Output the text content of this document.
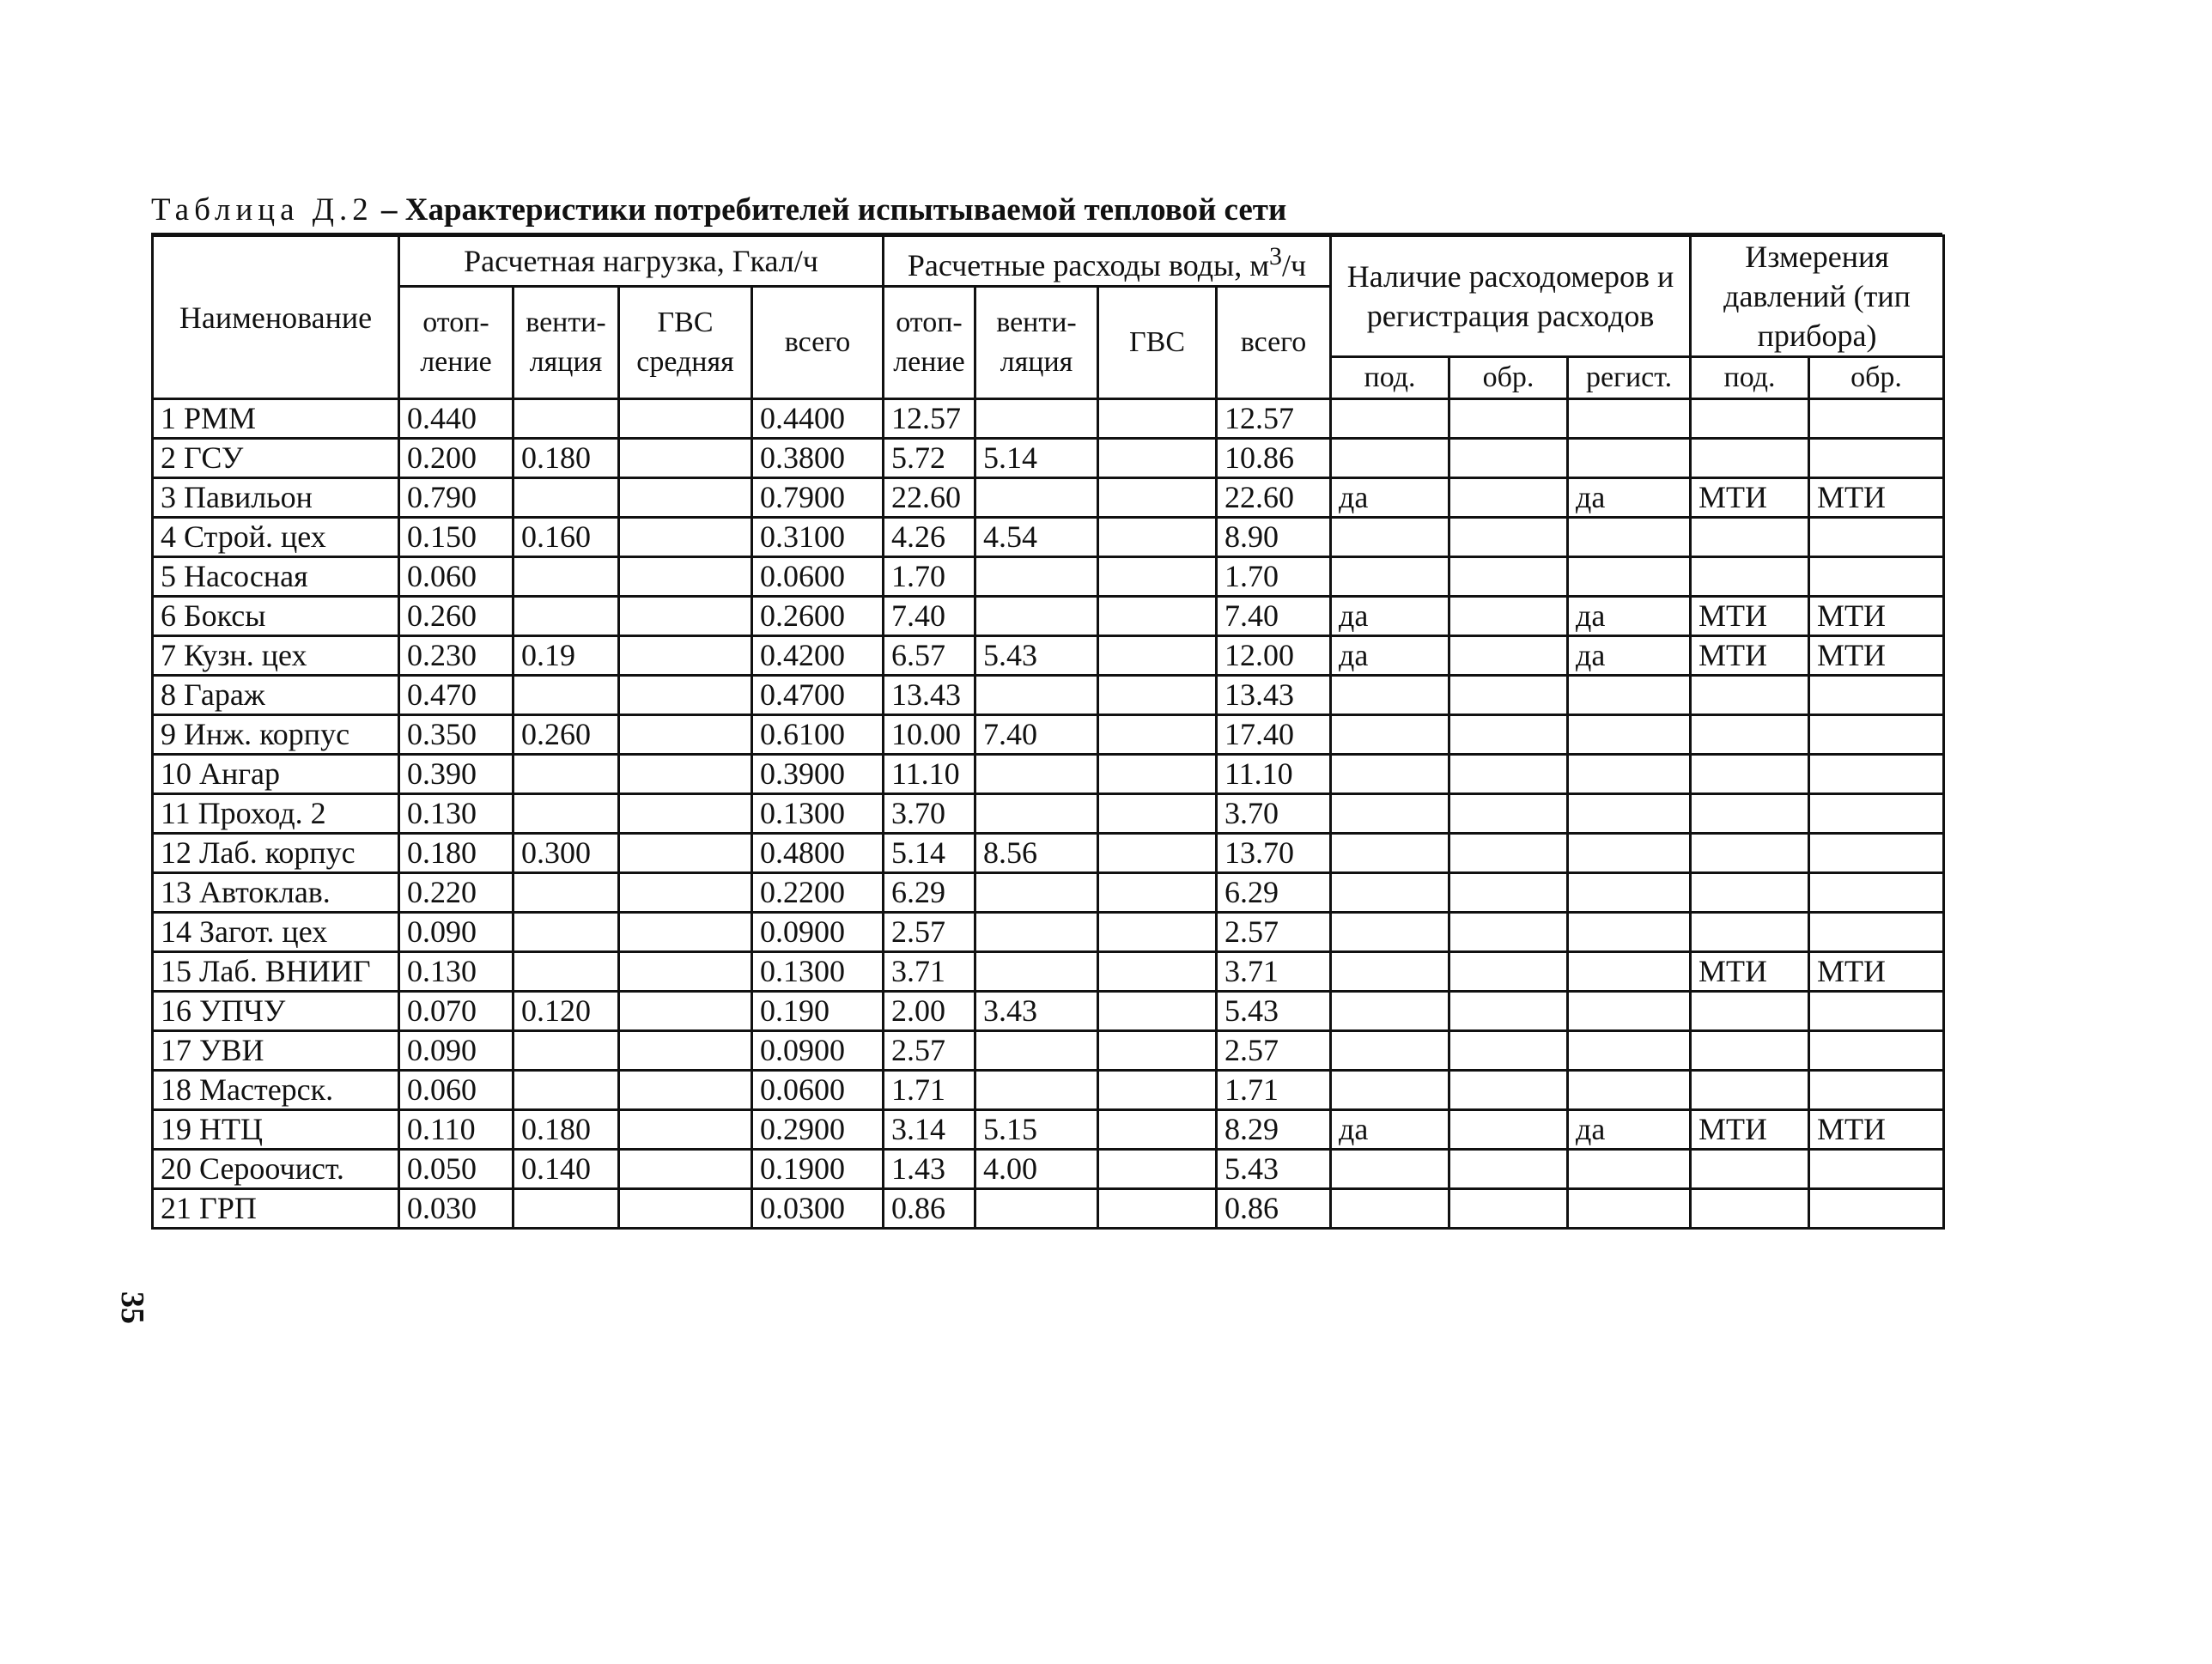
Таблица Д.2 – Характеристики потребителей испытываемой тепловой сети
Наименование	Расчетная нагрузка, Гкал/ч				Расчетные расходы воды, $м^3/ч$				Наличие расходомеров и регистрация расходов			Измерения давлений (тип прибора)	
	отоп-ление	венти-ляция	ГВС средняя	всего	отоп-ление	венти-ляция	ГВС	всего					
									под.	обр.	регист.	под.	обр.
1 РММ	0.440			0.4400	12.57			12.57					
2 ГСУ	0.200	0.180		0.3800	5.72	5.14		10.86					
3 Павильон	0.790			0.7900	22.60			22.60	да		да	МТИ	МТИ
4 Строй. цех	0.150	0.160		0.3100	4.26	4.54		8.90					
5 Насосная	0.060			0.0600	1.70			1.70					
6 Боксы	0.260			0.2600	7.40			7.40	да		да	МТИ	МТИ
7 Кузн. цех	0.230	0.19		0.4200	6.57	5.43		12.00	да		да	МТИ	МТИ
8 Гараж	0.470			0.4700	13.43			13.43					
9 Инж. корпус	0.350	0.260		0.6100	10.00	7.40		17.40					
10 Ангар	0.390			0.3900	11.10			11.10					
11 Проход. 2	0.130			0.1300	3.70			3.70					
12 Лаб. корпус	0.180	0.300		0.4800	5.14	8.56		13.70					
13 Автоклав.	0.220			0.2200	6.29			6.29					
14 Загот. цех	0.090			0.0900	2.57			2.57					
15 Лаб. ВНИИГ	0.130			0.1300	3.71			3.71				МТИ	МТИ
16 УПЧУ	0.070	0.120		0.190	2.00	3.43		5.43					
17 УВИ	0.090			0.0900	2.57			2.57					
18 Мастерск.	0.060			0.0600	1.71			1.71					
19 НТЦ	0.110	0.180		0.2900	3.14	5.15		8.29	да		да	МТИ	МТИ
20 Сероочист.	0.050	0.140		0.1900	1.43	4.00		5.43					
21 ГРП	0.030			0.0300	0.86			0.86					
35
